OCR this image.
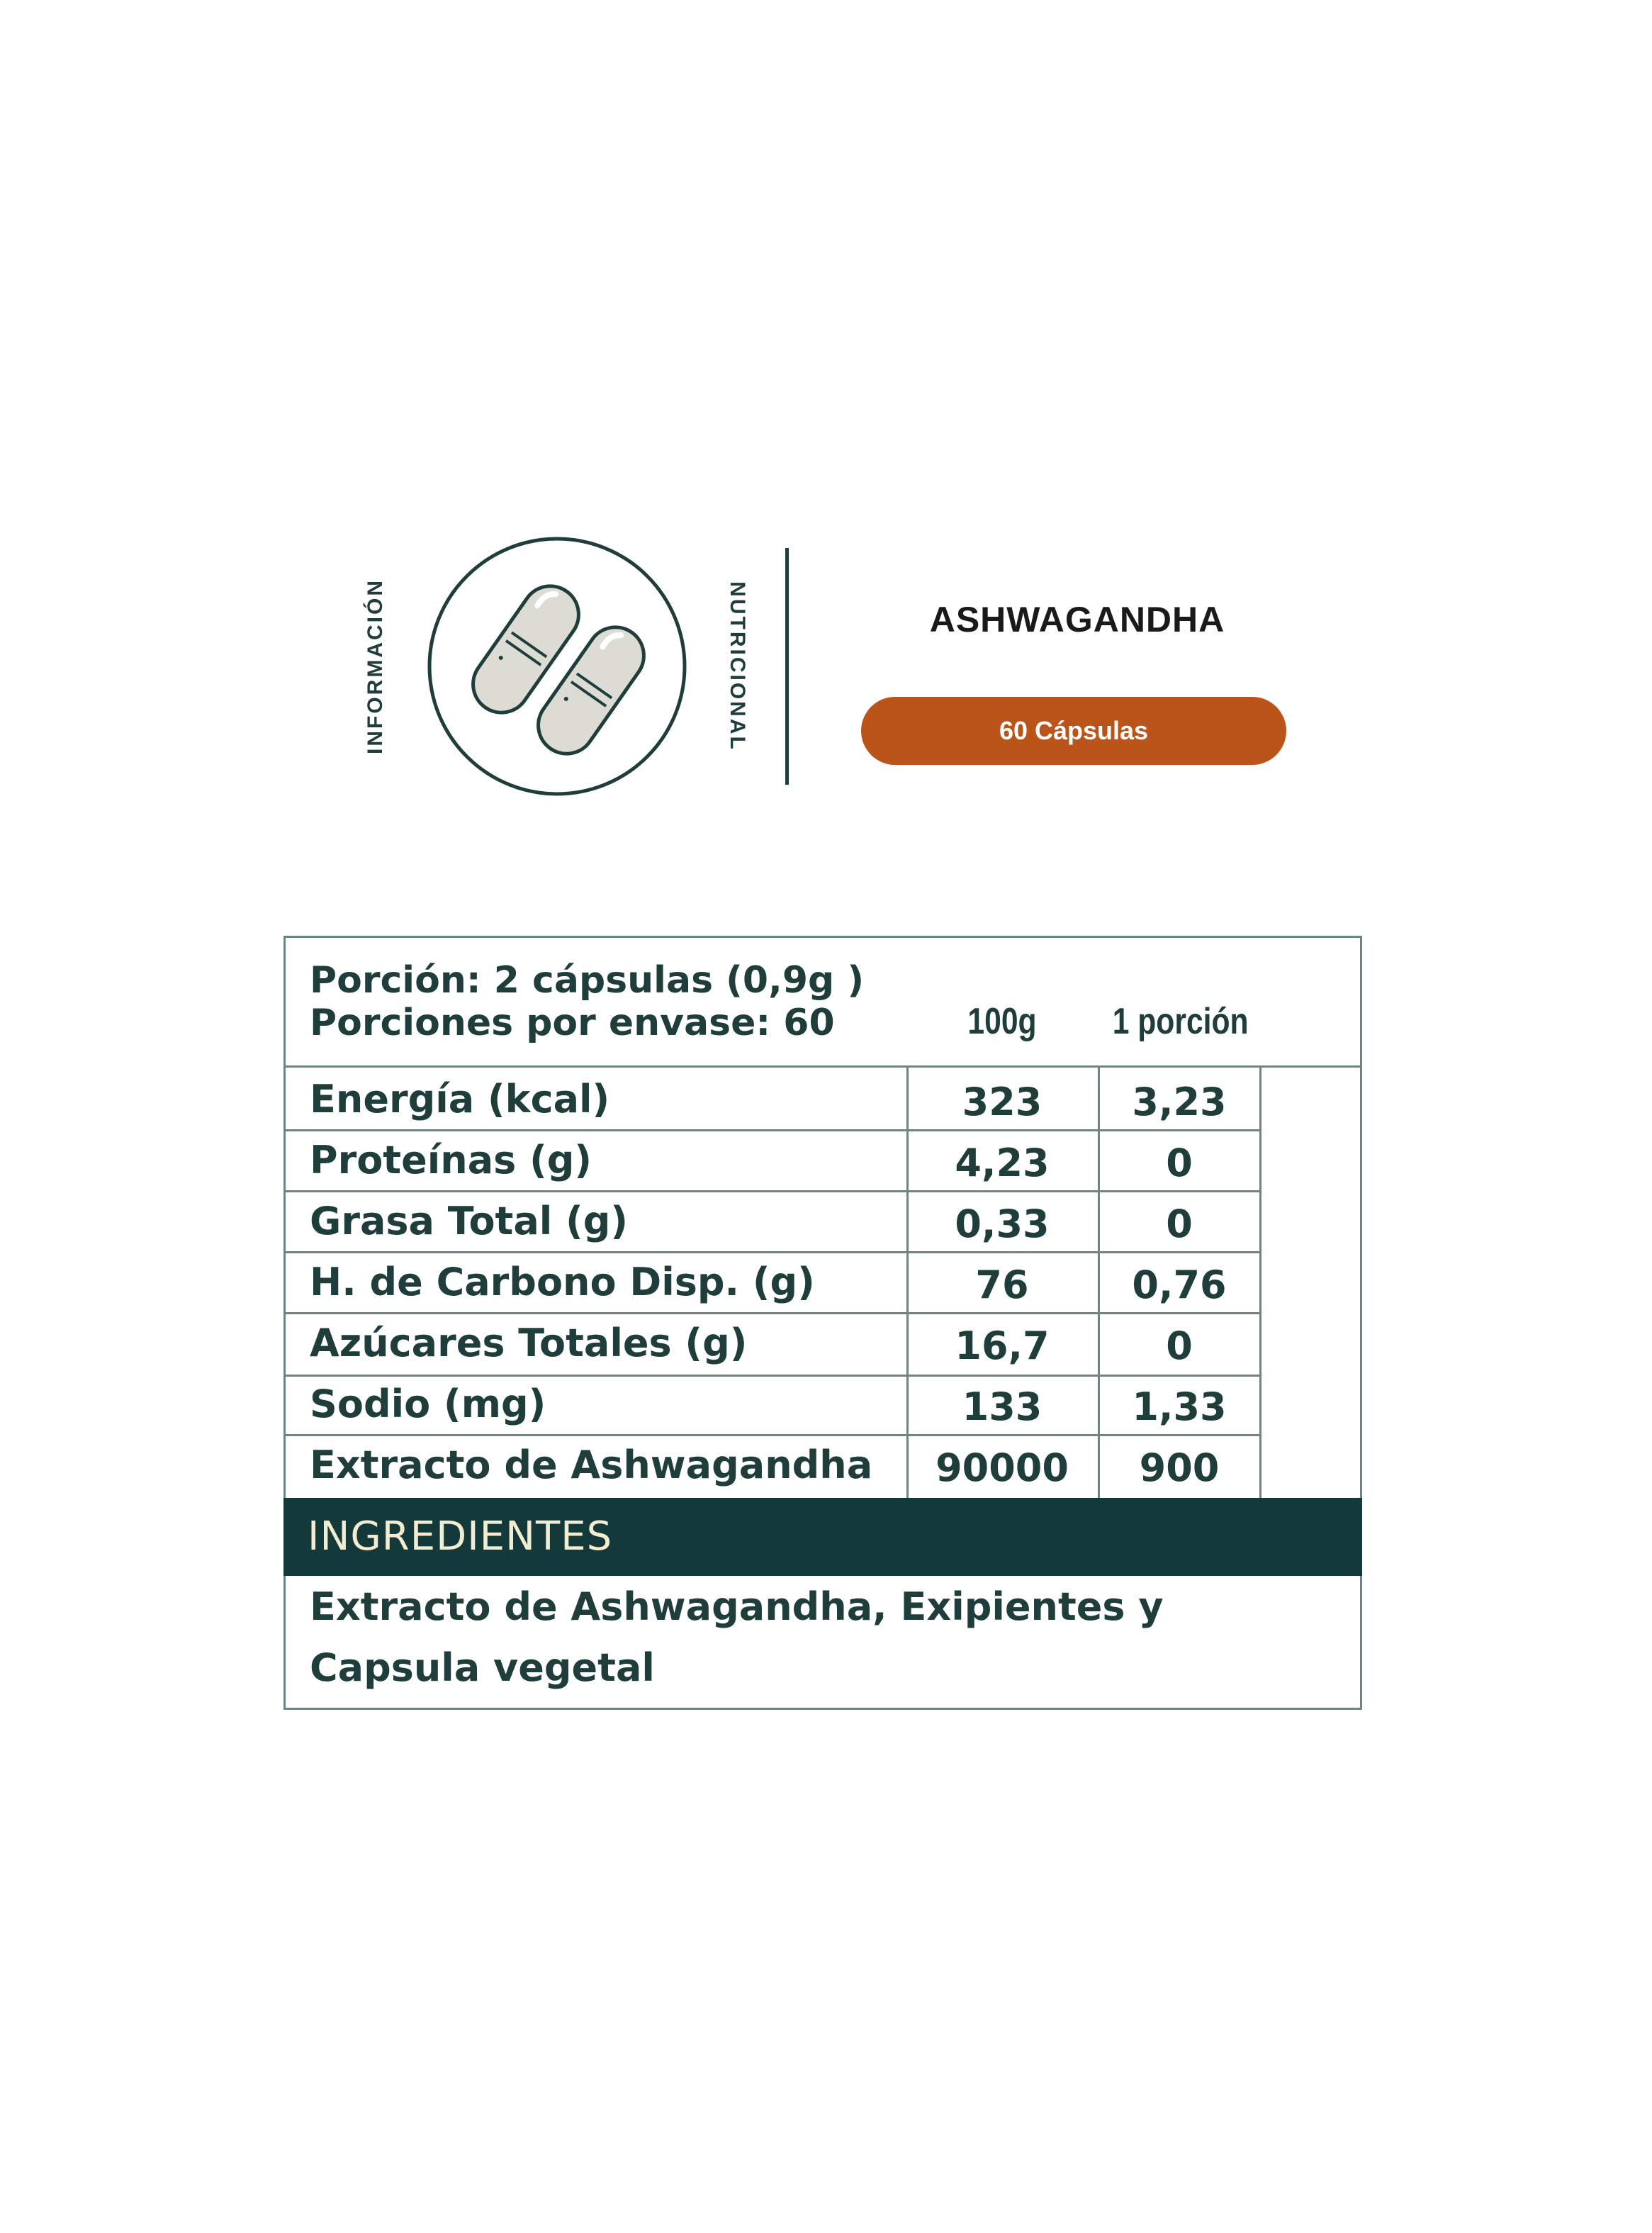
INFORMACIÓN	NUTRICIONAL	ASHWAGANDHA
60 Cápsulas
Porción: 2 cápsulas (0,9g )
Porciones por envase: 60	100g	1 porción
Energía (kcal)	323	3,23
Proteínas (g)	4,23	0
Grasa Total (g)	0,33	0
H. de Carbono Disp. (g)	76	0,76
Azúcares Totales (g)	16,7	0
Sodio (mg)	133	1,33
Extracto de Ashwagandha	90000	900
INGREDIENTES
Extracto de Ashwagandha, Exipientes y
Capsula vegetal
